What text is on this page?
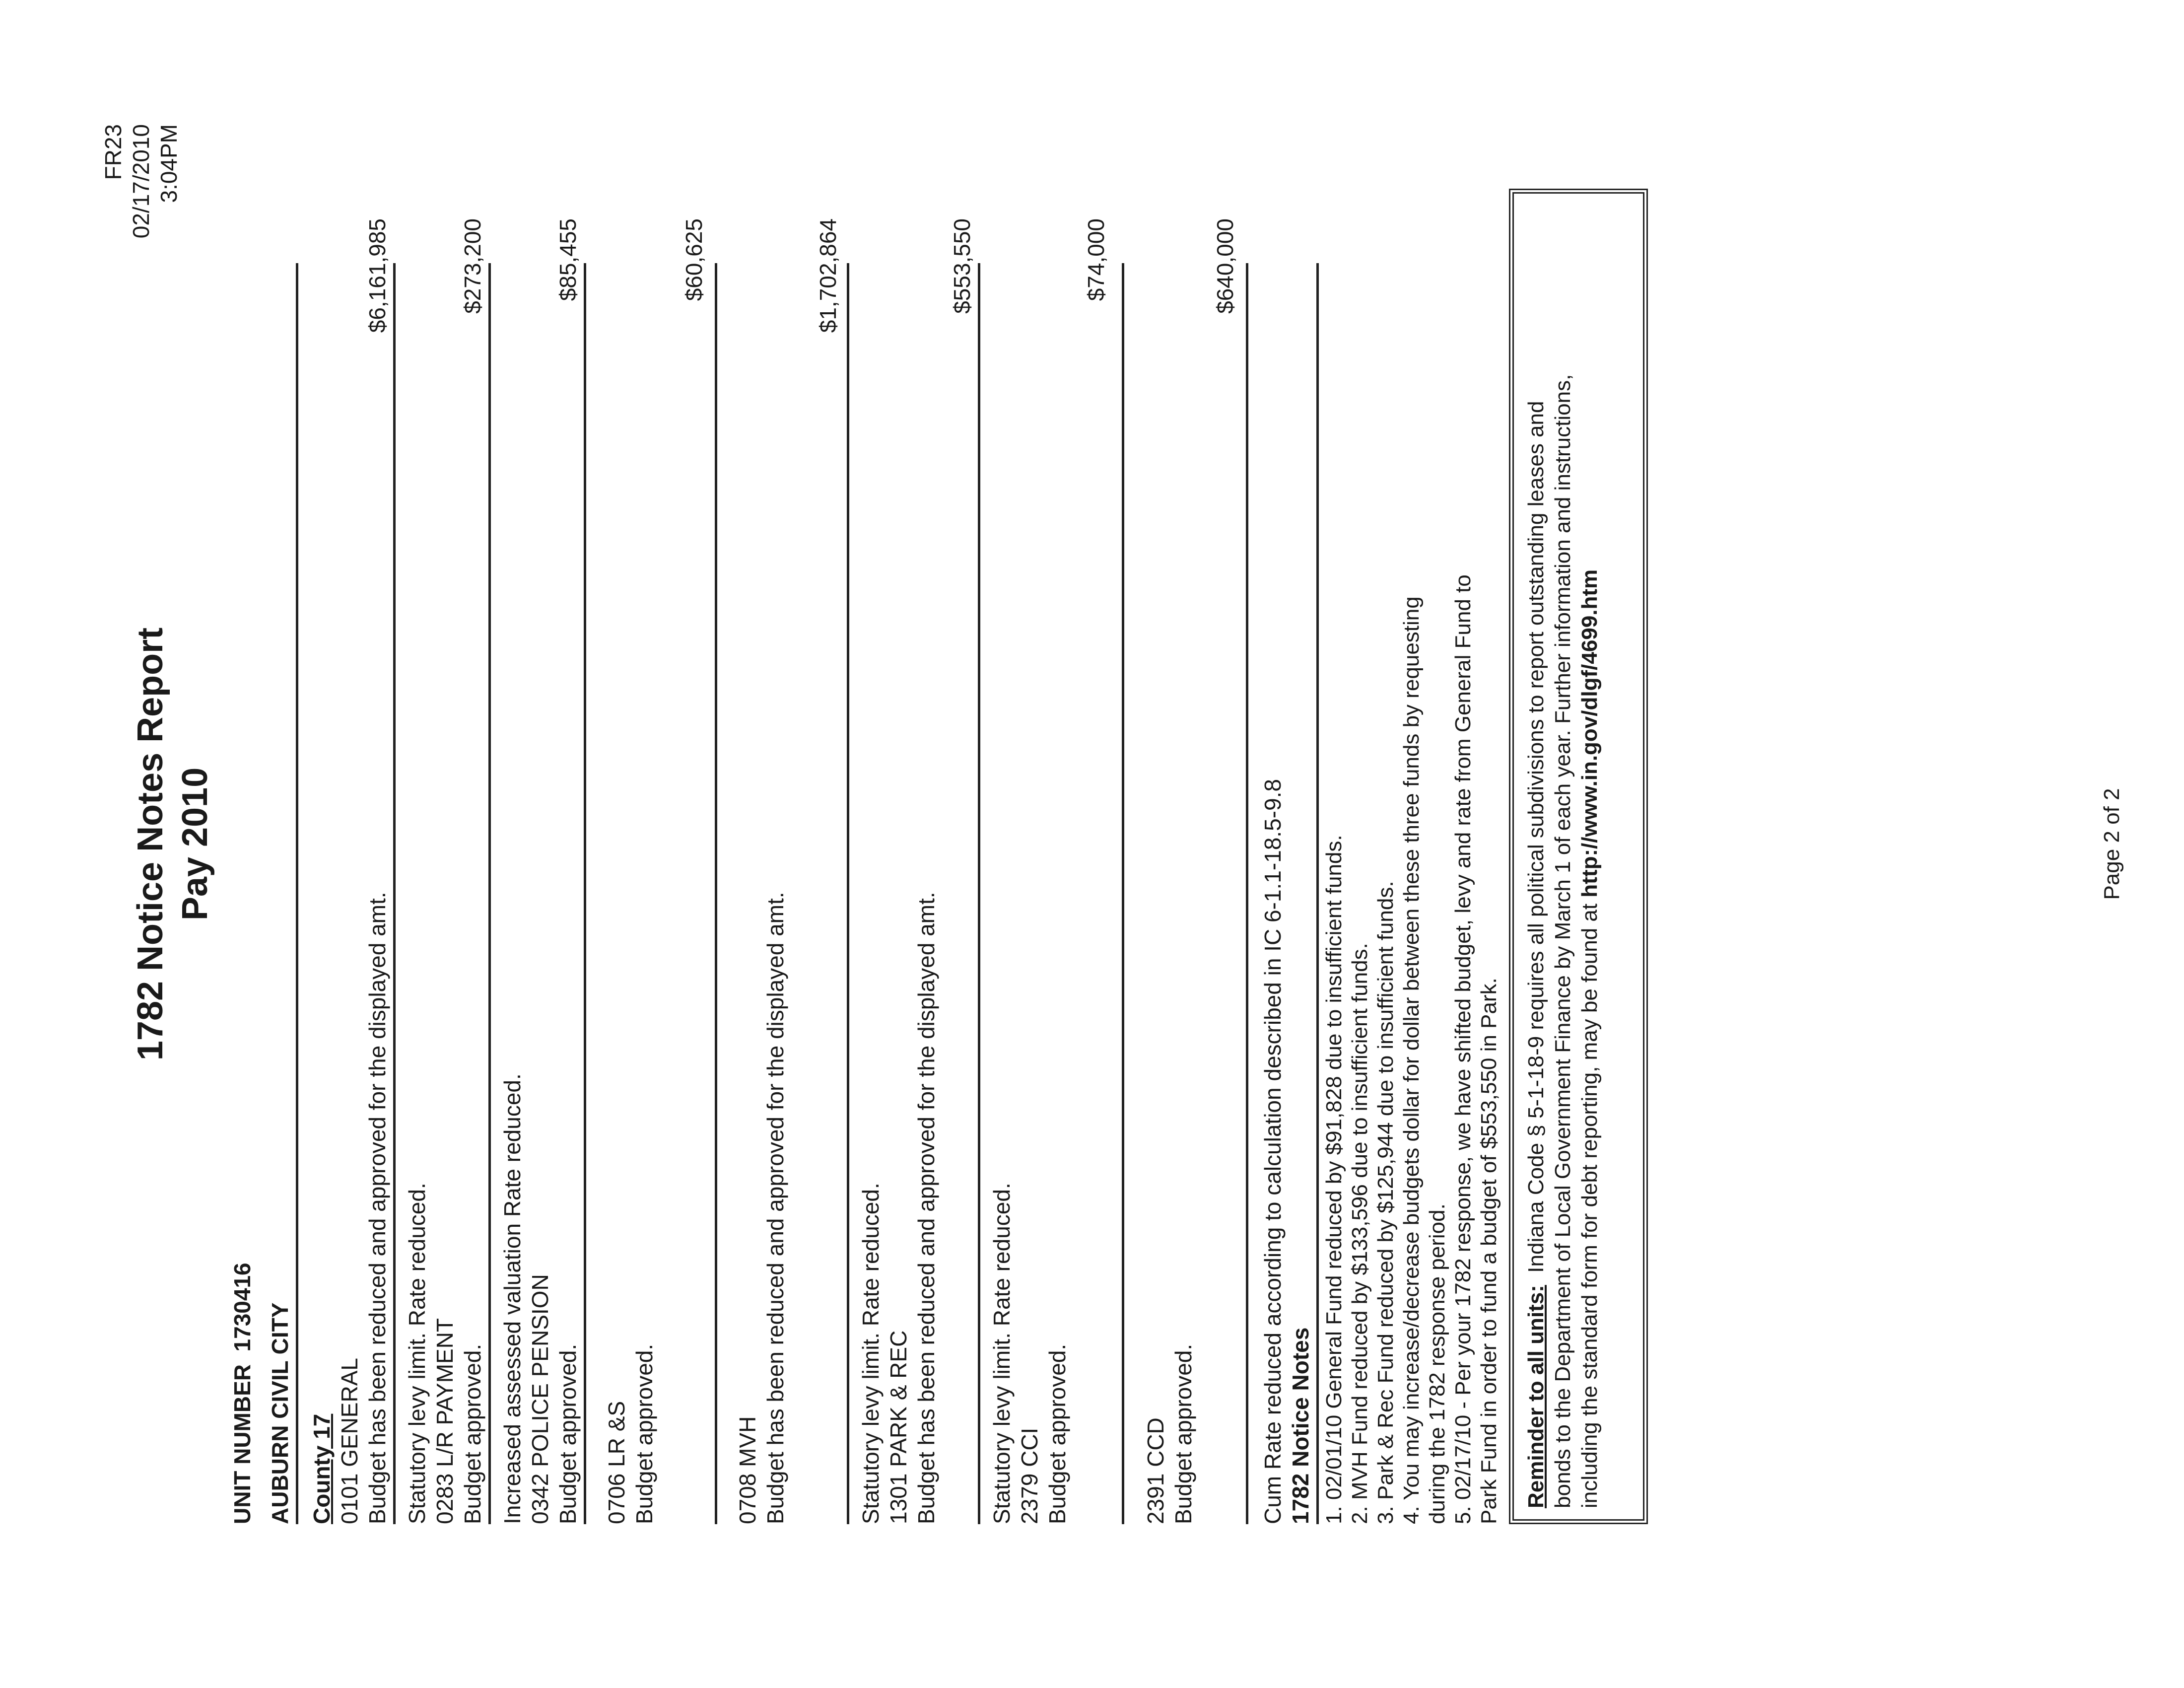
1782 Notice Notes Report Pay 2010
FR23 02/17/2010 3:04PM
UNIT NUMBER  1730416 AUBURN CIVIL CITY County 17 0101 GENERAL Budget has been reduced and approved for the displayed amt.
$6,161,985
Statutory levy limit. Rate reduced. 0283 L/R PAYMENT Budget approved.
$273,200
Increased assessed valuation Rate reduced. 0342 POLICE PENSION Budget approved.
$85,455
0706 LR &S Budget approved.
$60,625
0708 MVH Budget has been reduced and approved for the displayed amt.
$1,702,864
Statutory levy limit. Rate reduced. 1301 PARK & REC Budget has been reduced and approved for the displayed amt.
$553,550
Statutory levy limit. Rate reduced. 2379 CCI Budget approved.
$74,000
2391 CCD Budget approved.
$640,000
Cum Rate reduced according to calculation described in IC 6-1.1-18.5-9.8 1782 Notice Notes 1. 02/01/10 General Fund reduced by $91,828 due to insufficient funds. 2. MVH Fund reduced by $133,596 due to insufficient funds. 3. Park & Rec Fund reduced by $125,944 due to insufficient funds. 4. You may increase/decrease budgets dollar for dollar between these three funds by requesting during the 1782 response period. 5. 02/17/10 - Per your 1782 response, we have shifted budget, levy and rate from General Fund to Park Fund in order to fund a budget of $553,550 in Park. Reminder to all units:  Indiana Code § 5-1-18-9 requires all political subdivisions to report outstanding leases and bonds to the Department of Local Government Finance by March 1 of each year. Further information and instructions, including the standard form for debt reporting, may be found at http://www.in.gov/dlgf/4699.htm	Page 2 of 2
